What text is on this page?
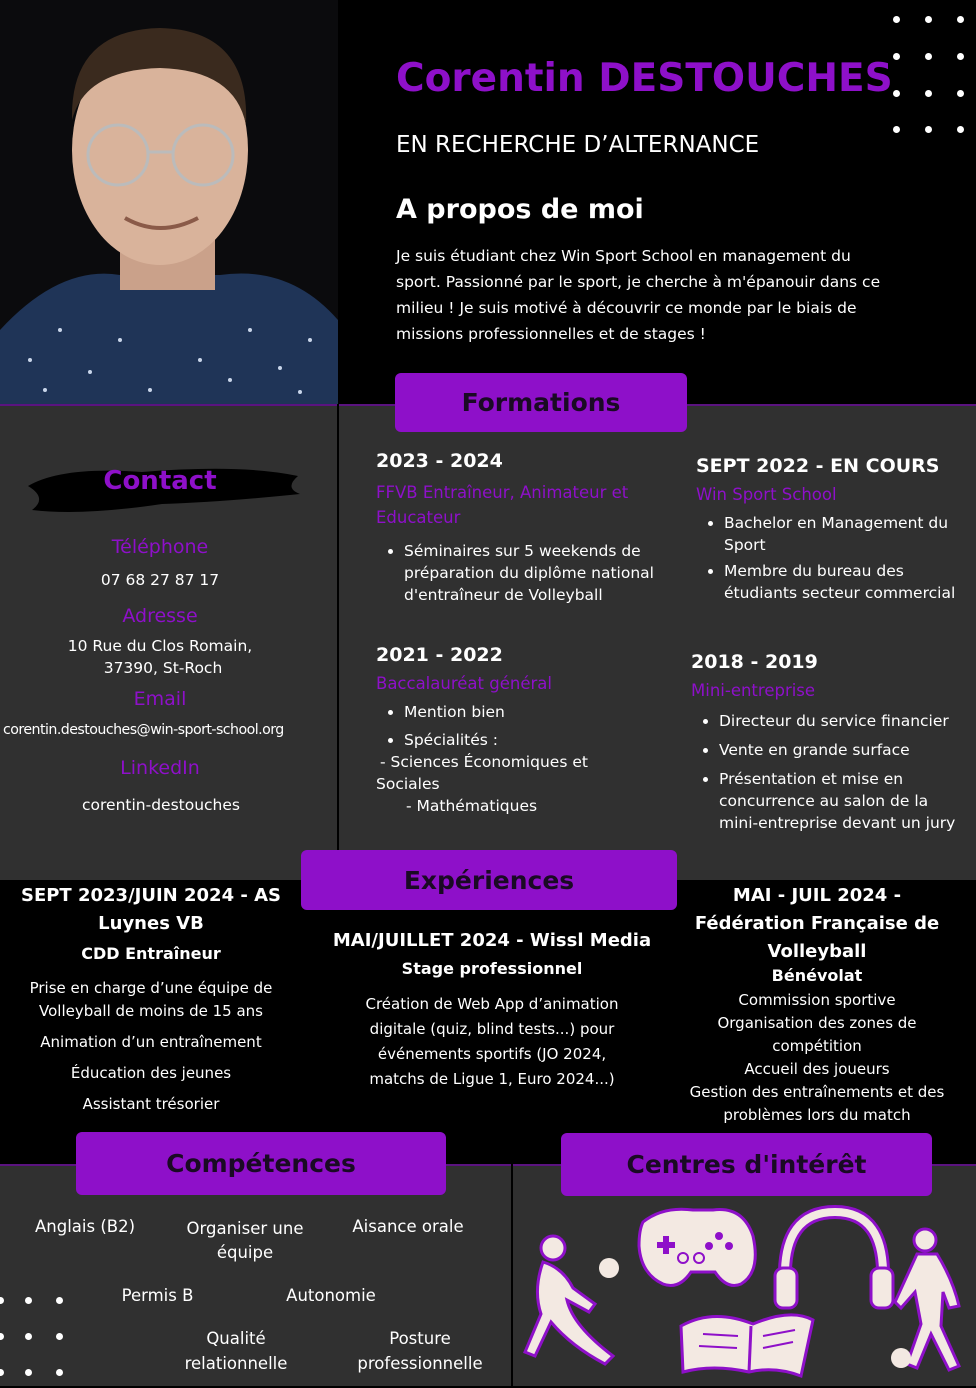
Corentin DESTOUCHES
EN RECHERCHE D’ALTERNANCE
A propos de moi
Je suis étudiant chez Win Sport School en management du sport. Passionné par le sport, je cherche à m'épanouir dans ce milieu ! Je suis motivé à découvrir ce monde par le biais de missions professionnelles et de stages !
Contact
Téléphone
07 68 27 87 17
Adresse
10 Rue du Clos Romain,
37390, St-Roch
Email
corentin.destouches@win-sport-school.org
LinkedIn
corentin-destouches
Formations
2023 - 2024
FFVB Entraîneur, Animateur et Educateur
• Séminaires sur 5 weekends de préparation du diplôme national d'entraîneur de Volleyball
SEPT 2022 - EN COURS
Win Sport School
• Bachelor en Management du Sport
• Membre du bureau des étudiants secteur commercial
2021 - 2022
Baccalauréat général
• Mention bien
• Spécialités :
- Sciences Économiques et
Sociales
- Mathématiques
2018 - 2019
Mini-entreprise
• Directeur du service financier
• Vente en grande surface
• Présentation et mise en concurrence au salon de la mini-entreprise devant un jury
Expériences
SEPT 2023/JUIN 2024 - AS Luynes VB
CDD Entraîneur
Prise en charge d’une équipe de Volleyball de moins de 15 ans
Animation d’un entraînement
Éducation des jeunes
Assistant trésorier
MAI/JUILLET 2024 - Wissl Media
Stage professionnel
Création de Web App d’animation digitale (quiz, blind tests...) pour événements sportifs (JO 2024, matchs de Ligue 1, Euro 2024...)
MAI - JUIL 2024 - Fédération Française de Volleyball
Bénévolat
Commission sportive
Organisation des zones de compétition
Accueil des joueurs
Gestion des entraînements et des problèmes lors du match
Compétences
Anglais (B2)	Organiser une équipe
Aisance orale
Permis B	Autonomie
Qualité relationnelle
Posture professionnelle
Centres d'intérêt
